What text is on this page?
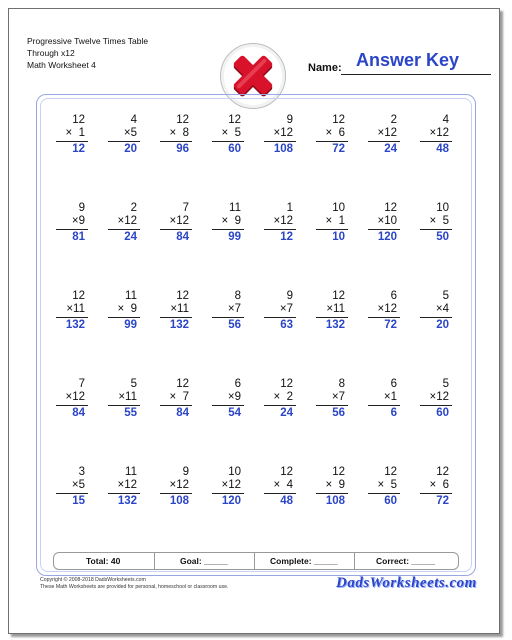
Progressive Twelve Times Table
Through x12
Math Worksheet 4	Name: Answer Key
12
×  1
12
4
×5
20
12
×  8
96
12
×  5
60
9
×12
108
12
×  6
72
2
×12
24
4
×12
48
9
×9
81
2
×12
24
7
×12
84
11
×  9
99
1
×12
12
10
×  1
10
12
×10
120
10
×  5
50
12
×11
132
11
×  9
99
12
×11
132
8
×7
56
9
×7
63
12
×11
132
6
×12
72
5
×4
20
7
×12
84
5
×11
55
12
×  7
84
6
×9
54
12
×  2
24
8
×7
56
6
×1
6
5
×12
60
3
×5
15
11
×12
132
9
×12
108
10
×12
120
12
×  4
48
12
×  9
108
12
×  5
60
12
×  6
72
Total: 40	Goal: _____	Complete: _____	Correct: _____
Copyright © 2008-2018 DadsWorksheets.com
These Math Worksheets are provided for personal, homeschool or classroom use.	DadsWorksheets.com
